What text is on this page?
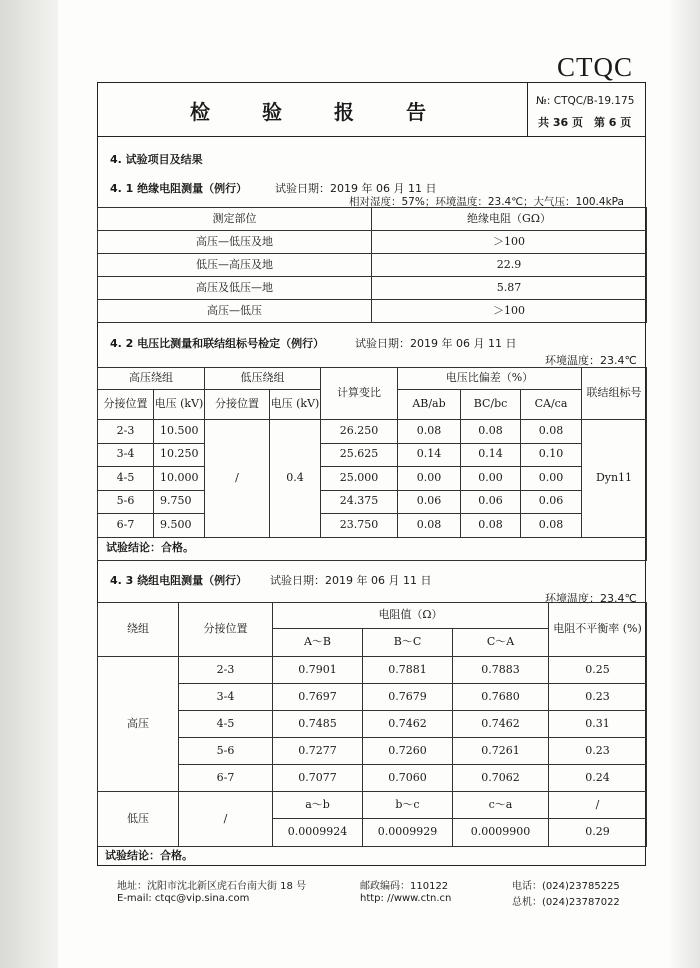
CTQC
检	验	报	告	№: CTQC/B-19.175
共 36 页　第 6 页
4. 试验项目及结果
4. 1 绝缘电阻测量（例行）	试验日期：2019 年 06 月 11 日
相对湿度：57%；环境温度：23.4℃；大气压：100.4kPa
测定部位	绝缘电阻（GΩ）
高压—低压及地	＞100
低压—高压及地	22.9
高压及低压—地	5.87
高压—低压	＞100
4. 2 电压比测量和联结组标号检定（例行）	试验日期：2019 年 06 月 11 日
环境温度：23.4℃
高压绕组		低压绕组		计算变比	电压比偏差（%）			联结组标号
分接位置	电压 (kV)	分接位置	电压 (kV)		AB/ab	BC/bc	CA/ca	
2-3	10.500	/	0.4	26.250	0.08	0.08	0.08	Dyn11
3-4	10.250			25.625	0.14	0.14	0.10	
4-5	10.000			25.000	0.00	0.00	0.00	
5-6	9.750			24.375	0.06	0.06	0.06	
6-7	9.500			23.750	0.08	0.08	0.08	
试验结论：合格。								
4. 3 绕组电阻测量（例行） 试验日期：2019 年 06 月 11 日
环境温度：23.4℃
绕组	分接位置	电阻值（Ω）			电阻不平衡率 (%)
		A～B	B～C	C～A	
高压	2-3	0.7901	0.7881	0.7883	0.25
	3-4	0.7697	0.7679	0.7680	0.23
	4-5	0.7485	0.7462	0.7462	0.31
	5-6	0.7277	0.7260	0.7261	0.23
	6-7	0.7077	0.7060	0.7062	0.24
低压	/	a～b	b～c	c～a	/
		0.0009924	0.0009929	0.0009900	0.29
试验结论：合格。
地址：沈阳市沈北新区虎石台南大街 18 号
E-mail: ctqc@vip.sina.com
邮政编码：110122
http: //www.ctn.cn
电话：(024)23785225
总机：(024)23787022
